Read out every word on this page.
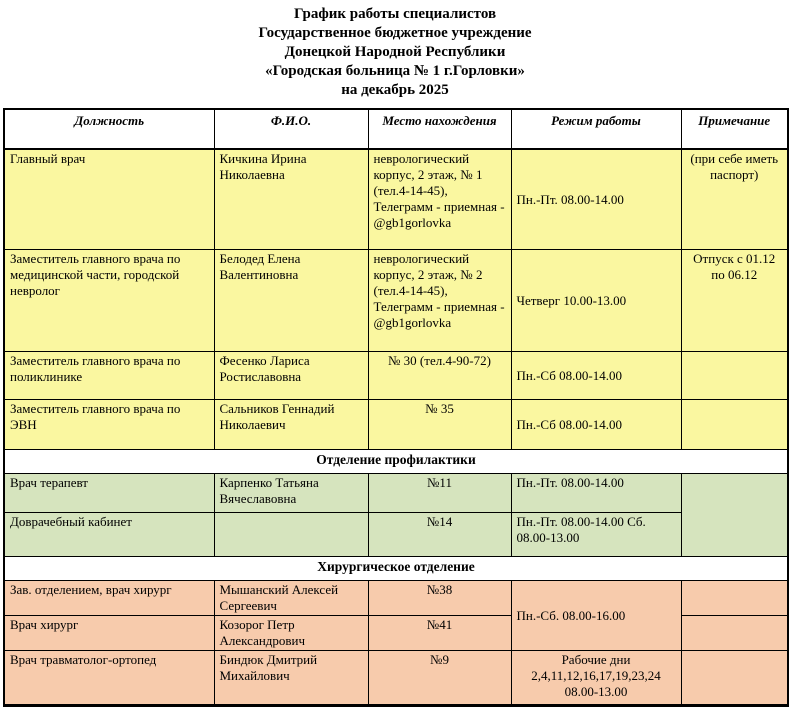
График работы специалистов
Государственное бюджетное учреждение
Донецкой Народной Республики
«Городская больница № 1 г.Горловки»
на декабрь 2025
Должность	Ф.И.О.	Место нахождения	Режим работы	Примечание
Главный врач	Кичкина Ирина Николаевна	неврологический корпус, 2 этаж, № 1 (тел.4-14-45), Телеграмм - приемная - @gb1gorlovka	Пн.-Пт. 08.00-14.00	(при себе иметь паспорт)
Заместитель главного врача по медицинской части, городской невролог	Белодед Елена Валентиновна	неврологический корпус, 2 этаж, № 2 (тел.4-14-45), Телеграмм - приемная - @gb1gorlovka	Четверг 10.00-13.00	Отпуск с 01.12 по 06.12
Заместитель главного врача по поликлинике	Фесенко Лариса Ростиславовна	№ 30 (тел.4-90-72)	Пн.-Сб 08.00-14.00	
Заместитель главного врача по ЭВН	Сальников Геннадий Николаевич	№ 35	Пн.-Сб 08.00-14.00	
Отделение профилактики				
Врач терапевт	Карпенко Татьяна Вячеславовна	№11	Пн.-Пт. 08.00-14.00	
Доврачебный кабинет		№14	Пн.-Пт. 08.00-14.00 Сб. 08.00-13.00	
Хирургическое отделение				
Зав. отделением, врач хирург	Мышанский Алексей Сергеевич	№38	Пн.-Сб. 08.00-16.00	
Врач хирург	Козорог Петр Александрович	№41		
Врач травматолог-ортопед	Биндюк Дмитрий Михайлович	№9	Рабочие дни 2,4,11,12,16,17,19,23,24 08.00-13.00	
